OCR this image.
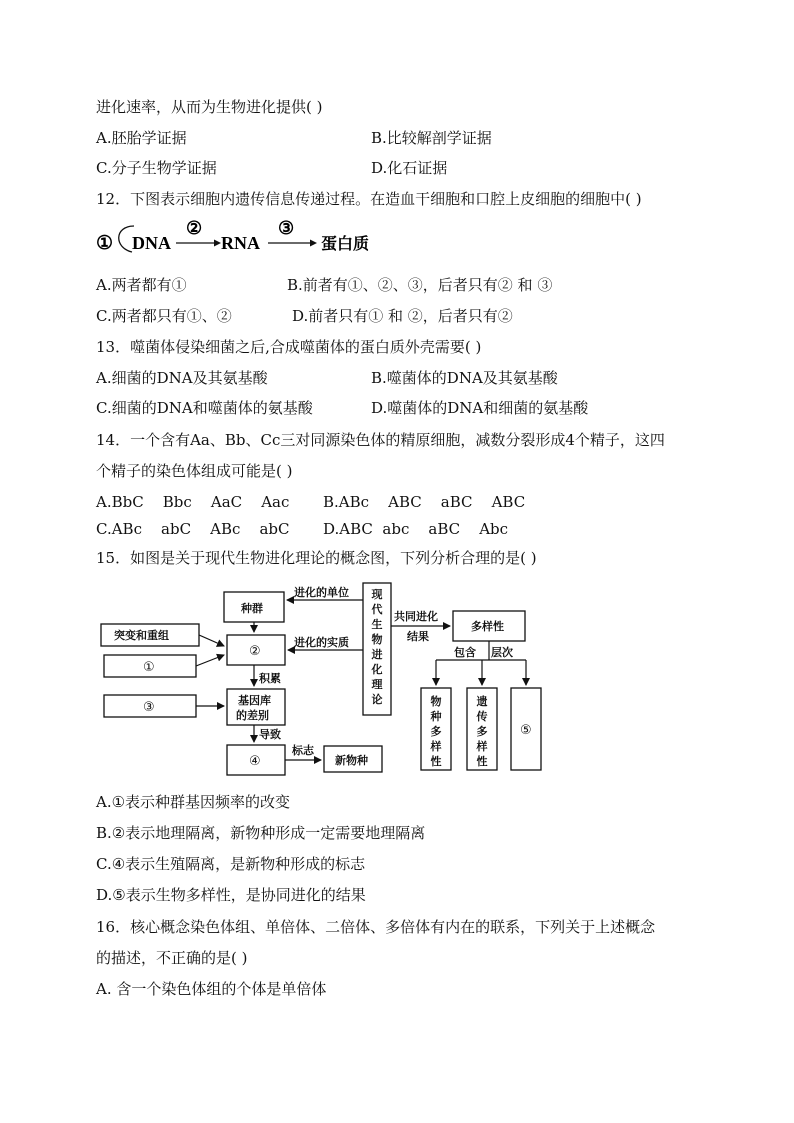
进化速率，从而为生物进化提供( )
A.胚胎学证据	B.比较解剖学证据
C.分子生物学证据	D.化石证据
12．下图表示细胞内遗传信息传递过程。在造血干细胞和口腔上皮细胞的细胞中( )
① DNA
②
RNA
③
蛋白质
A.两者都有①	B.前者有①、②、③，后者只有② 和 ③
C.两者都只有①、②	D.前者只有① 和 ②，后者只有②
13．噬菌体侵染细菌之后,合成噬菌体的蛋白质外壳需要( )
A.细菌的DNA及其氨基酸	B.噬菌体的DNA及其氨基酸
C.细菌的DNA和噬菌体的氨基酸	D.噬菌体的DNA和细菌的氨基酸
14．一个含有Aa、Bb、Cc三对同源染色体的精原细胞，减数分裂形成4个精子，这四
个精子的染色体组成可能是( )
A.BbC    Bbc    AaC    Aac B.ABc    ABC    aBC    ABC
C.ABc    abC    ABc    abC D.ABC  abc    aBC    Abc
15．如图是关于现代生物进化理论的概念图，下列分析合理的是( )
种群
突变和重组
①
②
③	基因库
的差别
④	新物种
进化的单位
进化的实质
积累
导致
标志
共同进化
结果
多样性
包含 层次
⑤
现
代
生
物
进
化
理
论	物
种
多
样
性
遗
传
多
样
性
A.①表示种群基因频率的改变
B.②表示地理隔离，新物种形成一定需要地理隔离
C.④表示生殖隔离，是新物种形成的标志
D.⑤表示生物多样性，是协同进化的结果
16．核心概念染色体组、单倍体、二倍体、多倍体有内在的联系，下列关于上述概念
的描述，不正确的是( )
A. 含一个染色体组的个体是单倍体
